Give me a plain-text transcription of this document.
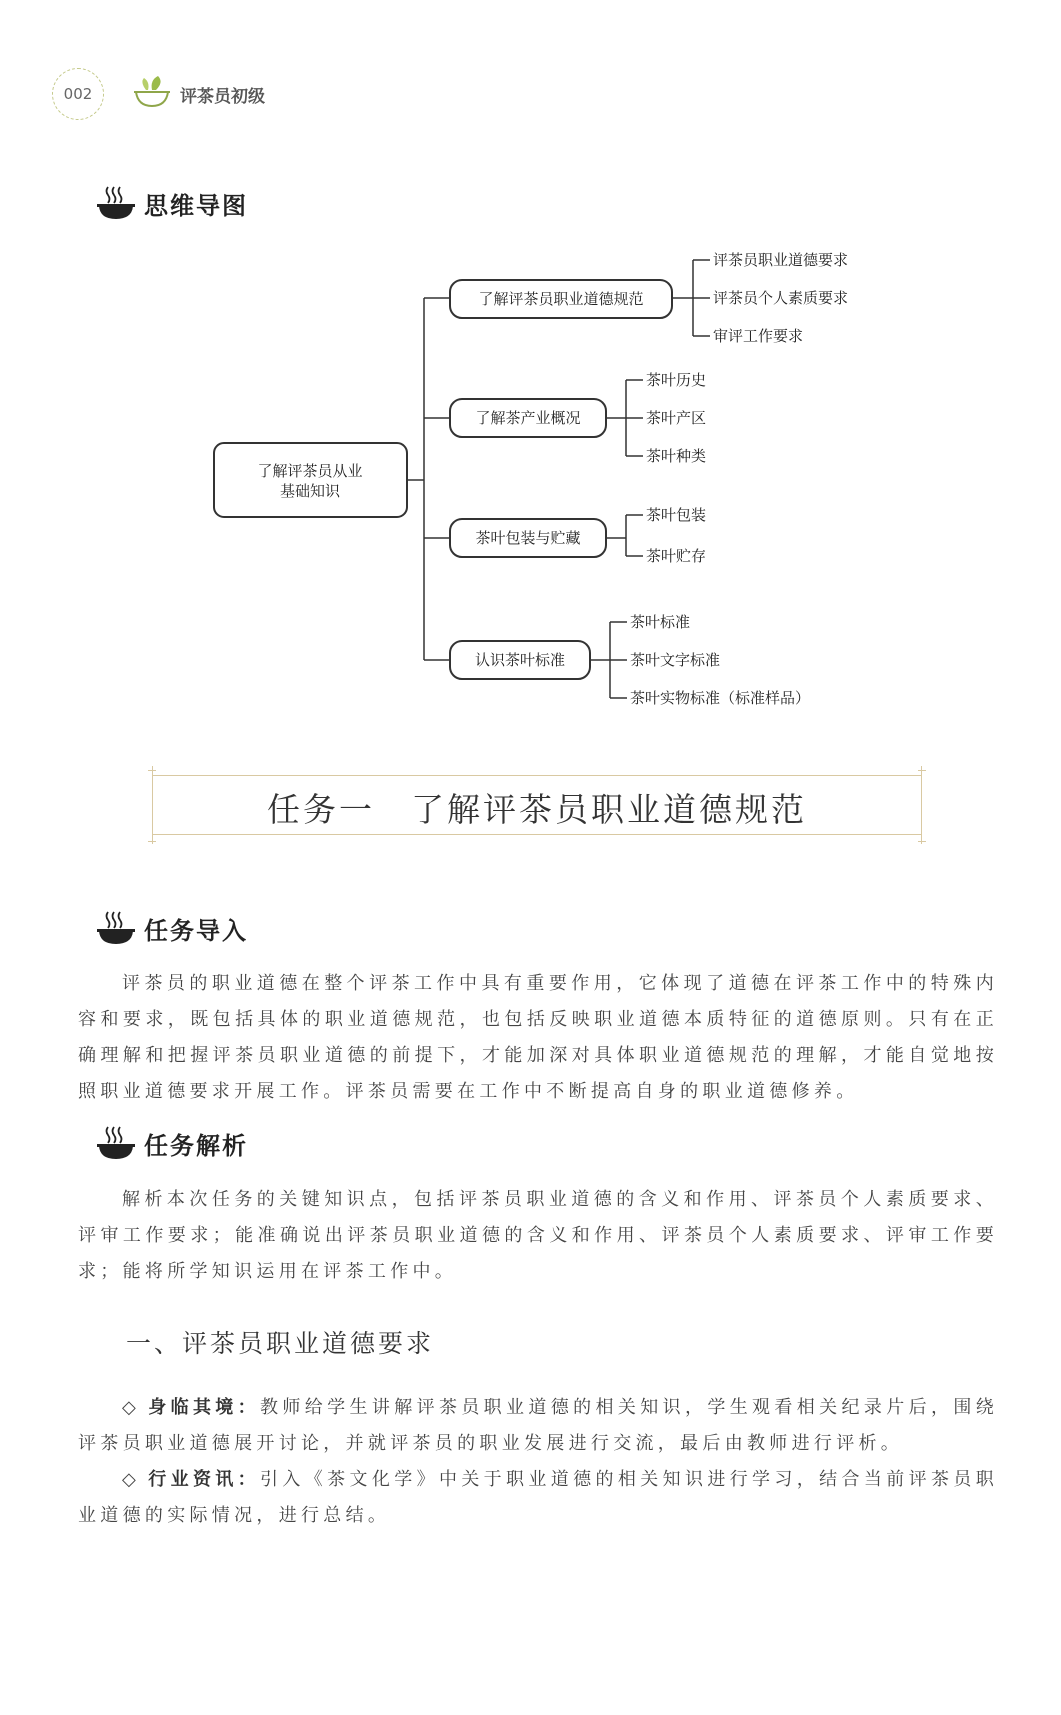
002	评茶员初级
思维导图
了解评茶员从业
基础知识
了解评茶员职业道德规范
了解茶产业概况
茶叶包装与贮藏
认识茶叶标准
评茶员职业道德要求
评茶员个人素质要求
审评工作要求
茶叶历史
茶叶产区
茶叶种类
茶叶包装
茶叶贮存
茶叶标准
茶叶文字标准
茶叶实物标准（标准样品）
任务一　了解评茶员职业道德规范
任务导入
评茶员的职业道德在整个评茶工作中具有重要作用，它体现了道德在评茶工作中的特殊内容和要求，既包括具体的职业道德规范，也包括反映职业道德本质特征的道德原则。只有在正确理解和把握评茶员职业道德的前提下，才能加深对具体职业道德规范的理解，才能自觉地按照职业道德要求开展工作。评茶员需要在工作中不断提高自身的职业道德修养。
任务解析
解析本次任务的关键知识点，包括评茶员职业道德的含义和作用、评茶员个人素质要求、评审工作要求；能准确说出评茶员职业道德的含义和作用、评茶员个人素质要求、评审工作要求；能将所学知识运用在评茶工作中。
一、评茶员职业道德要求
◇ 身临其境：教师给学生讲解评茶员职业道德的相关知识，学生观看相关纪录片后，围绕评茶员职业道德展开讨论，并就评茶员的职业发展进行交流，最后由教师进行评析。
◇ 行业资讯：引入《茶文化学》中关于职业道德的相关知识进行学习，结合当前评茶员职业道德的实际情况，进行总结。
